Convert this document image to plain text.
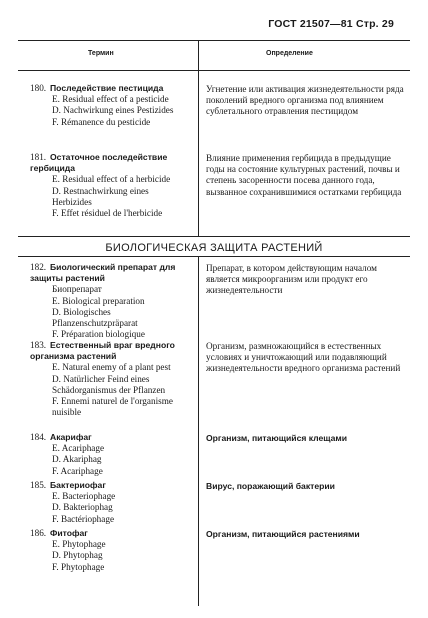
ГОСТ 21507—81 Стр. 29
Термин	Определение
180. Последействие пестицида
E. Residual effect of a pesticide
D. Nachwirkung eines Pestizides
F. Rémanence du pesticide
Угнетение или активация жизнедеятельности ряда поколений вредного организма под влиянием сублетального отравления пестицидом
181. Остаточное последействие гербицида
E. Residual effect of a herbicide
D. Restnachwirkung eines Herbizides
F. Effet résiduel de l'herbicide
Влияние применения гербицида в предыдущие годы на состояние культурных растений, почвы и степень засоренности посева данного года, вызванное сохранившимися остатками гербицида
БИОЛОГИЧЕСКАЯ ЗАЩИТА РАСТЕНИЙ
182. Биологический препарат для защиты растений
Биопрепарат
E. Biological preparation
D. Biologisches Pflanzenschutzpräparat
F. Préparation biologique
Препарат, в котором действующим началом является микроорганизм или продукт его жизнедеятельности
183. Естественный враг вредного организма растений
E. Natural enemy of a plant pest
D. Natürlicher Feind eines Schädorganismus der Pflanzen
F. Ennemi naturel de l'organisme nuisible
Организм, размножающийся в естественных условиях и уничтожающий или подавляющий жизнедеятельности вредного организма растений
184. Акарифаг
E. Acariphage
D. Akariphag
F. Acariphage
Организм, питающийся клещами
185. Бактериофаг
E. Bacteriophage
D. Bakteriophag
F. Bactériophage
Вирус, поражающий бактерии
186. Фитофаг
E. Phytophage
D. Phytophag
F. Phytophage
Организм, питающийся растениями
